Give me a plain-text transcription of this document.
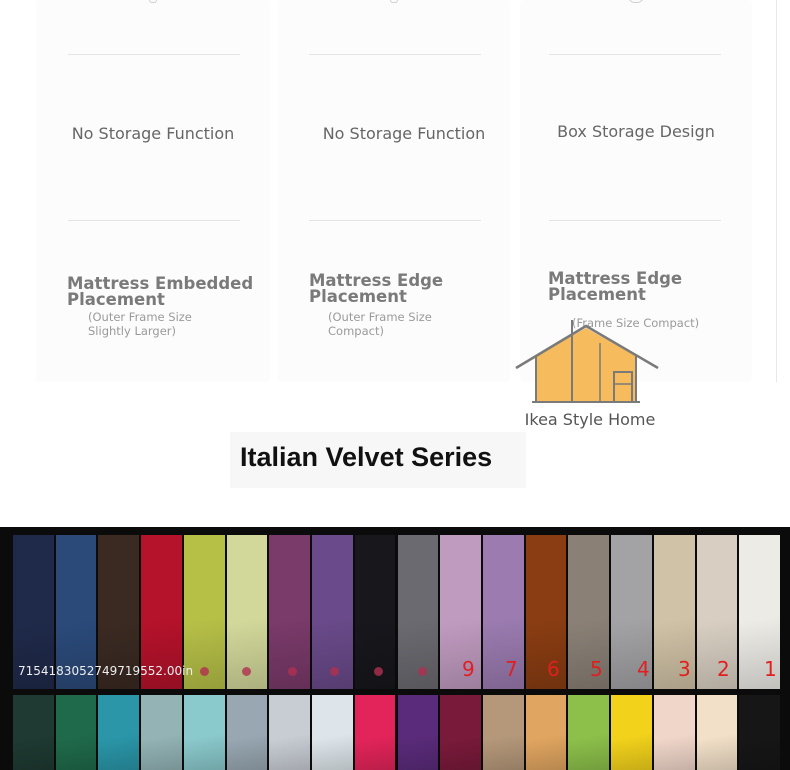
No Storage Function
Mattress Embedded Placement
(Outer Frame Size Slightly Larger)
No Storage Function
Mattress Edge Placement
(Outer Frame Size Compact)
Box Storage Design
Mattress Edge Placement
(Frame Size Compact)
Ikea Style Home
Italian Velvet Series
7154183052749719552.00in	9 7 6 5 4 3 2 1
